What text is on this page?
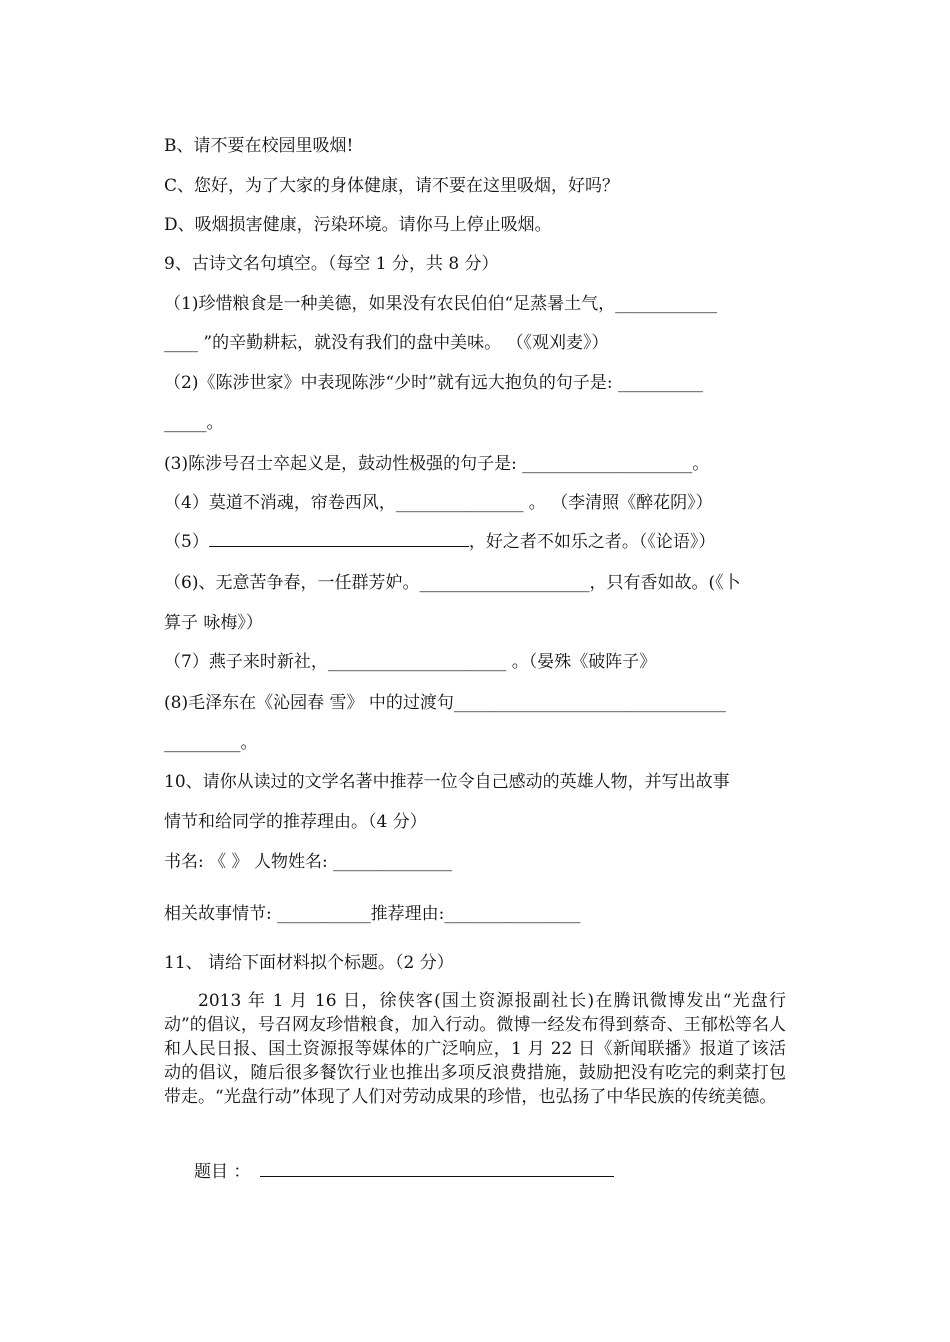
B、请不要在校园里吸烟!
C、您好，为了大家的身体健康，请不要在这里吸烟，好吗？
D、吸烟损害健康，污染环境。请你马上停止吸烟。
9、古诗文名句填空。（每空 1 分，共 8 分）
（1)珍惜粮食是一种美德，如果没有农民伯伯“足蒸暑土气，____________
____ ”的辛勤耕耘，就没有我们的盘中美味。 （《观刈麦》）
（2)《陈涉世家》中表现陈涉“少时”就有远大抱负的句子是: __________
_____。
(3)陈涉号召士卒起义是，鼓动性极强的句子是: ____________________。
（4）莫道不消魂，帘卷西风，_______________ 。 （李清照《醉花阴》）
（5）	，好之者不如乐之者。（《论语》）
（6)、无意苦争春，一任群芳妒。____________________，只有香如故。(《卜
算子 咏梅》）
（7）燕子来时新社，_____________________ 。（晏殊《破阵子》
(8)毛泽东在《沁园春 雪》 中的过渡句________________________________
_________。
10、请你从读过的文学名著中推荐一位令自己感动的英雄人物，并写出故事
情节和给同学的推荐理由。（4 分）
书名: 《 》 人物姓名: ______________
相关故事情节: ___________推荐理由:________________
11、 请给下面材料拟个标题。（2 分）
2013 年 1 月 16 日，徐侠客(国土资源报副社长)在腾讯微博发出“光盘行动”的倡议，号召网友珍惜粮食，加入行动。微博一经发布得到蔡奇、王郁松等名人和人民日报、国土资源报等媒体的广泛响应，1 月 22 日《新闻联播》报道了该活动的倡议，随后很多餐饮行业也推出多项反浪费措施，鼓励把没有吃完的剩菜打包带走。“光盘行动”体现了人们对劳动成果的珍惜，也弘扬了中华民族的传统美德。
题目 ：
